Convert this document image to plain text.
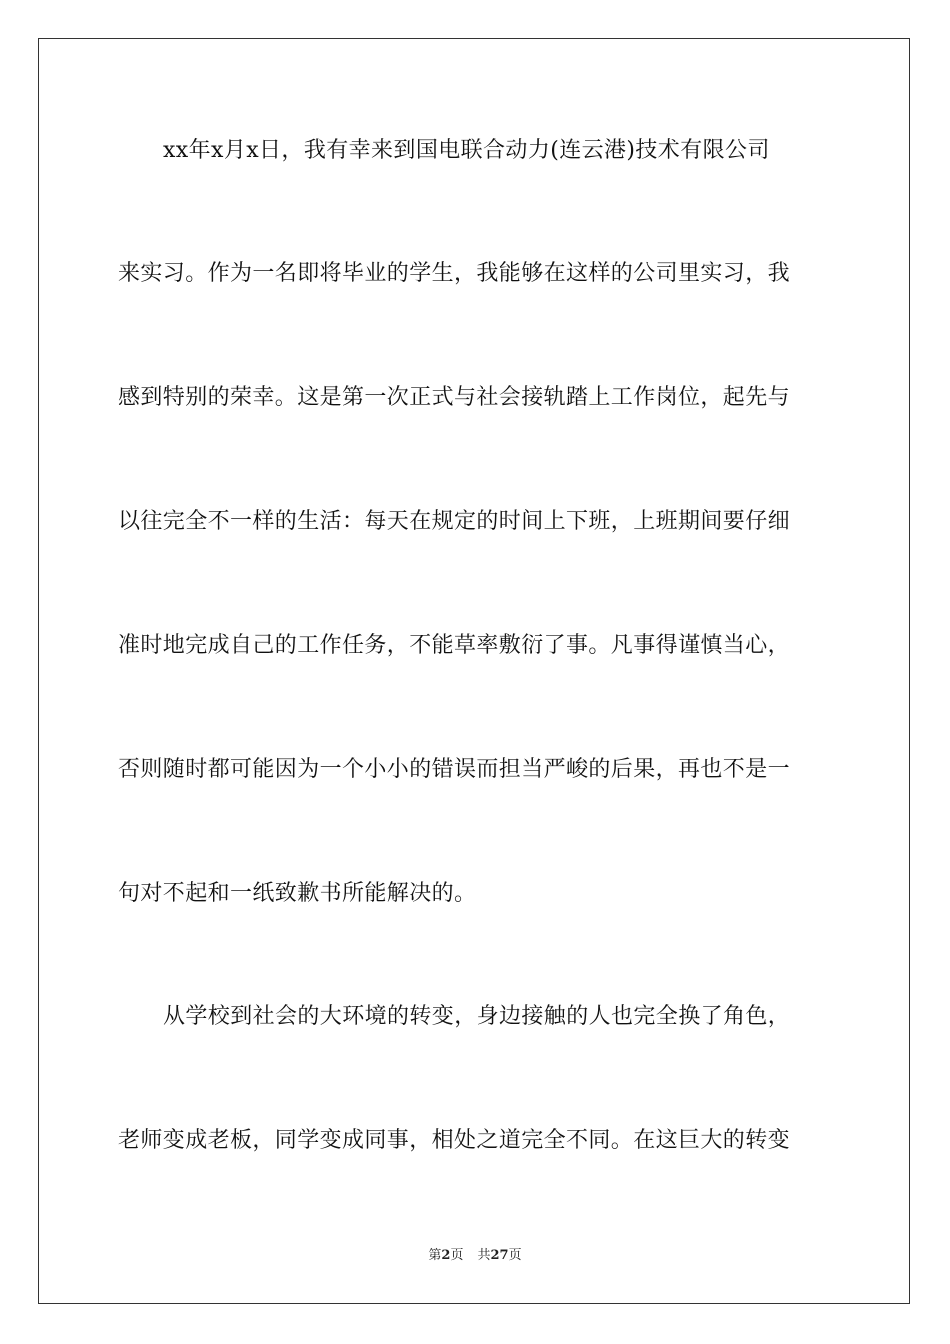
xx年x月x日，我有幸来到国电联合动力(连云港)技术有限公司
来实习。作为一名即将毕业的学生，我能够在这样的公司里实习，我
感到特别的荣幸。这是第一次正式与社会接轨踏上工作岗位，起先与
以往完全不一样的生活：每天在规定的时间上下班，上班期间要仔细
准时地完成自己的工作任务，不能草率敷衍了事。凡事得谨慎当心，
否则随时都可能因为一个小小的错误而担当严峻的后果，再也不是一
句对不起和一纸致歉书所能解决的。
从学校到社会的大环境的转变，身边接触的人也完全换了角色，
老师变成老板，同学变成同事，相处之道完全不同。在这巨大的转变
第2页 共27页
